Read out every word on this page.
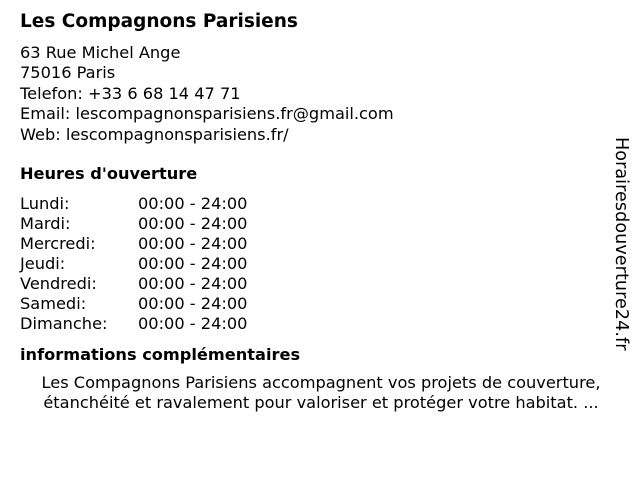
Les Compagnons Parisiens

63 Rue Michel Ange

75016 Paris

Telefon: +33 6 68 14 47 71

Email: lescompagnonsparisiens.fr@gmail.com

Web: lescompagnonsparisiens.fr/

Heures d'ouverture
Lundi:	00:00 - 24:00
Mardi:	00:00 - 24:00
Mercredi:	00:00 - 24:00
Jeudi:	00:00 - 24:00
Vendredi:	00:00 - 24:00
Samedi:	00:00 - 24:00
Dimanche:	00:00 - 24:00
informations complémentaires

Les Compagnons Parisiens accompagnent vos projets de couverture,

étanchéité et ravalement pour valoriser et protéger votre habitat. ...

Horairesdouverture24.fr
